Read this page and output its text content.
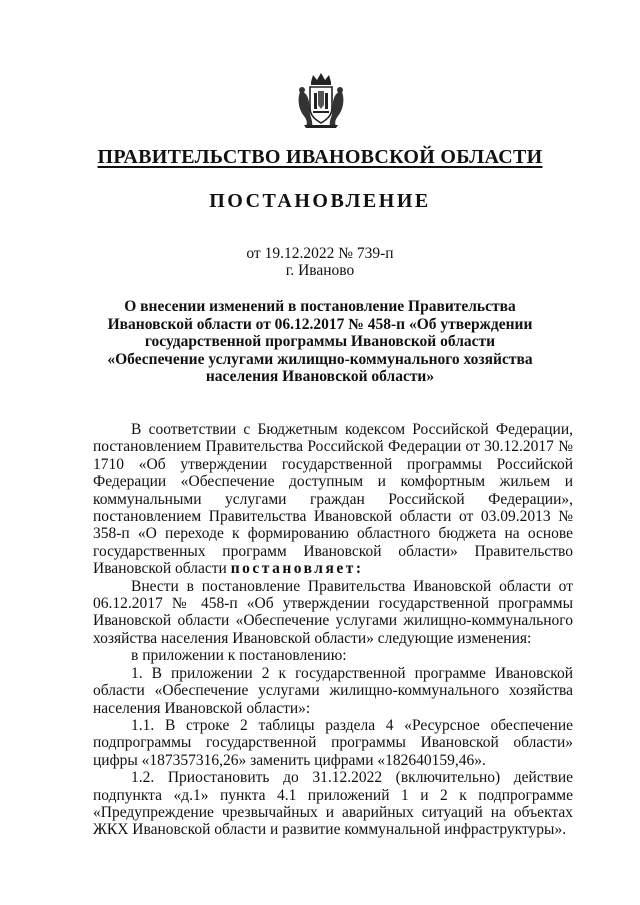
ПРАВИТЕЛЬСТВО ИВАНОВСКОЙ ОБЛАСТИ
ПОСТАНОВЛЕНИЕ
от 19.12.2022 № 739-п
г. Иваново
О внесении изменений в постановление Правительства Ивановской области от 06.12.2017 № 458-п «Об утверждении государственной программы Ивановской области «Обеспечение услугами жилищно-коммунального хозяйства населения Ивановской области»

В соответствии с Бюджетным кодексом Российской Федерации, постановлением Правительства Российской Федерации от 30.12.2017 № 1710 «Об утверждении государственной программы Российской Федерации «Обеспечение доступным и комфортным жильем и коммунальными услугами граждан Российской Федерации», постановлением Правительства Ивановской области от 03.09.2013 № 358-п «О переходе к формированию областного бюджета на основе государственных программ Ивановской области» Правительство Ивановской области постановляет:

Внести в постановление Правительства Ивановской области от 06.12.2017 № 458-п «Об утверждении государственной программы Ивановской области «Обеспечение услугами жилищно-коммунального хозяйства населения Ивановской области» следующие изменения:

в приложении к постановлению:

1. В приложении 2 к государственной программе Ивановской области «Обеспечение услугами жилищно-коммунального хозяйства населения Ивановской области»:

1.1. В строке 2 таблицы раздела 4 «Ресурсное обеспечение подпрограммы государственной программы Ивановской области» цифры «187357316,26» заменить цифрами «182640159,46».

1.2. Приостановить до 31.12.2022 (включительно) действие подпункта «д.1» пункта 4.1 приложений 1 и 2 к подпрограмме «Предупреждение чрезвычайных и аварийных ситуаций на объектах ЖКХ Ивановской области и развитие коммунальной инфраструктуры».
